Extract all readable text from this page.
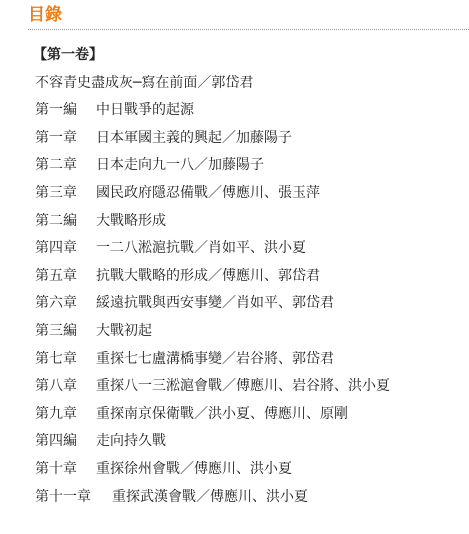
目錄
【第一卷】
不容青史盡成灰─寫在前面／郭岱君
第一編 中日戰爭的起源
第一章 日本軍國主義的興起／加藤陽子
第二章 日本走向九一八／加藤陽子
第三章 國民政府隱忍備戰／傅應川、張玉萍
第二編 大戰略形成
第四章 一二八淞滬抗戰／肖如平、洪小夏
第五章 抗戰大戰略的形成／傅應川、郭岱君
第六章 綏遠抗戰與西安事變／肖如平、郭岱君
第三編 大戰初起
第七章 重探七七盧溝橋事變／岩谷將、郭岱君
第八章 重探八一三淞滬會戰／傅應川、岩谷將、洪小夏
第九章 重探南京保衛戰／洪小夏、傅應川、原剛
第四編 走向持久戰
第十章 重探徐州會戰／傅應川、洪小夏
第十一章 重探武漢會戰／傅應川、洪小夏
